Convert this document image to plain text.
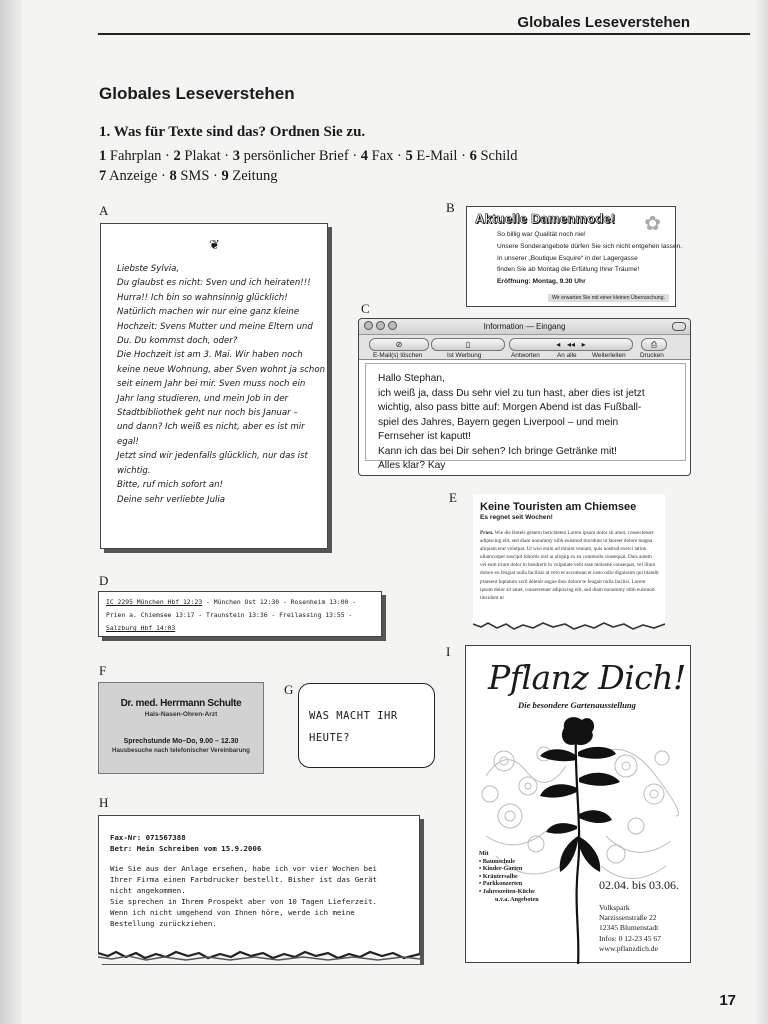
Globales Leseverstehen
Globales Leseverstehen
1. Was für Texte sind das? Ordnen Sie zu.
1 Fahrplan · 2 Plakat · 3 persönlicher Brief · 4 Fax · 5 E-Mail · 6 Schild
7 Anzeige · 8 SMS · 9 Zeitung
A	B
C
E
D
I
F
G
H
❦
Liebste Sylvia,
Du glaubst es nicht: Sven und ich heiraten!!!
Hurra!! Ich bin so wahnsinnig glücklich!
Natürlich machen wir nur eine ganz kleine
Hochzeit: Svens Mutter und meine Eltern und
Du. Du kommst doch, oder?
Die Hochzeit ist am 3. Mai. Wir haben noch
keine neue Wohnung, aber Sven wohnt ja schon
seit einem Jahr bei mir. Sven muss noch ein
Jahr lang studieren, und mein Job in der
Stadtbibliothek geht nur noch bis Januar –
und dann? Ich weiß es nicht, aber es ist mir
egal!
Jetzt sind wir jedenfalls glücklich, nur das ist
wichtig.
Bitte, ruf mich sofort an!
Deine sehr verliebte Julia
Aktuelle Damenmode! ✿
So billig war Qualität noch nie!
Unsere Sonderangebote dürfen Sie sich nicht entgehen lassen.
In unserer „Boutique Esquire“ in der Lagergasse
finden Sie ab Montag die Erfüllung Ihrer Träume!
Eröffnung: Montag, 9.30 Uhr
Wir erwarten Sie mit einer kleinen Überraschung.
Information — Eingang
⊘	▯	◂   ◂◂   ▸	⎙
E-Mail(s) löschen	Ist Werbung	Antworten	An alle Weiterleiten Drucken
Hallo Stephan,
ich weiß ja, dass Du sehr viel zu tun hast, aber dies ist jetzt
wichtig, also pass bitte auf: Morgen Abend ist das Fußball-
spiel des Jahres, Bayern gegen Liverpool – und mein
Fernseher ist kaputt!
Kann ich das bei Dir sehen? Ich bringe Getränke mit!
Alles klar? Kay
Keine Touristen am Chiemsee
Es regnet seit Wochen!
Prien. Wie die Hotels gestern berichteten Lorem ipsum dolor sit amet, consectetuer adipiscing elit, sed diam nonummy nibh euismod tincidunt ut laoreet dolore magna aliquam erat volutpat. Ut wisi enim ad minim veniam, quis nostrud exerci tation ullamcorper suscipit lobortis nisl ut aliquip ex ea commodo consequat. Duis autem vel eum iriure dolor in hendrerit in vulputate velit esse molestie consequat, vel illum dolore eu feugiat nulla facilisis at vero et accumsan et iusto odio dignissim qui blandit praesent luptatum zzril delenit augue duis dolore te feugait nulla facilisi. Lorem ipsum dolor sit amet, consectetuer adipiscing elit, sed diam nonummy nibh euismod tincidunt ut
IC 2295 München Hbf 12:23 - München Ost 12:30 - Rosenheim 13:00 -
Prien a. Chiemsee 13:17 - Traunstein 13:36 - Freilassing 13:55 -
Salzburg Hbf 14:03
Dr. med. Herrmann Schulte
Hals-Nasen-Ohren-Arzt
Sprechstunde Mo–Do, 9.00 – 12.30
Hausbesuche nach telefonischer Vereinbarung
WAS MACHT IHR
HEUTE?
Fax-Nr: 071567388
Betr: Mein Schreiben vom 15.9.2006
Wie Sie aus der Anlage ersehen, habe ich vor vier Wochen bei
Ihrer Firma einen Farbdrucker bestellt. Bisher ist das Gerät
nicht angekommen.
Sie sprechen in Ihrem Prospekt aber von 10 Tagen Lieferzeit.
Wenn ich nicht umgehend von Ihnen höre, werde ich meine
Bestellung zurückziehen.
Pflanz Dich!
Die besondere Gartenausstellung
Mit
• Baumschule
• Kinder-Garten
• Kräutersalbe
• Parkkonzerten
• Jahreszeiten-Küche
u.v.a. Angeboten
02.04. bis 03.06.
Volkspark
Narzissenstraße 22
12345 Blumenstadt
Infos: 0 12-23 45 67
www.pflanzdich.de
17
